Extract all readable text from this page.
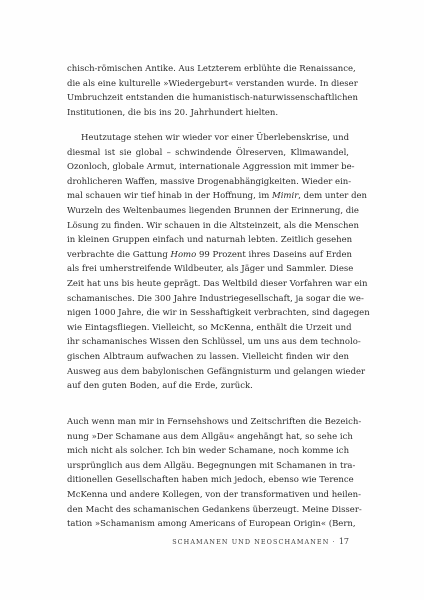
chisch-römischen Antike. Aus Letzterem erblühte die Renaissance,
die als eine kulturelle »Wiedergeburt« verstanden wurde. In dieser
Umbruchzeit entstanden die humanistisch-naturwissenschaftlichen
Institutionen, die bis ins 20. Jahrhundert hielten.
Heutzutage stehen wir wieder vor einer Überlebenskrise, und
diesmal ist sie global – schwindende Ölreserven, Klimawandel,
Ozonloch, globale Armut, internationale Aggression mit immer be-
drohlicheren Waffen, massive Drogenabhängigkeiten. Wieder ein-
mal schauen wir tief hinab in der Hoffnung, im Mimir, dem unter den
Wurzeln des Weltenbaumes liegenden Brunnen der Erinnerung, die
Lösung zu finden. Wir schauen in die Altsteinzeit, als die Menschen
in kleinen Gruppen einfach und naturnah lebten. Zeitlich gesehen
verbrachte die Gattung Homo 99 Prozent ihres Daseins auf Erden
als frei umherstreifende Wildbeuter, als Jäger und Sammler. Diese
Zeit hat uns bis heute geprägt. Das Weltbild dieser Vorfahren war ein
schamanisches. Die 300 Jahre Industriegesellschaft, ja sogar die we-
nigen 1000 Jahre, die wir in Sesshaftigkeit verbrachten, sind dagegen
wie Eintagsfliegen. Vielleicht, so McKenna, enthält die Urzeit und
ihr schamanisches Wissen den Schlüssel, um uns aus dem technolo-
gischen Albtraum aufwachen zu lassen. Vielleicht finden wir den
Ausweg aus dem babylonischen Gefängnisturm und gelangen wieder
auf den guten Boden, auf die Erde, zurück.
Auch wenn man mir in Fernsehshows und Zeitschriften die Bezeich-
nung »Der Schamane aus dem Allgäu« angehängt hat, so sehe ich
mich nicht als solcher. Ich bin weder Schamane, noch komme ich
ursprünglich aus dem Allgäu. Begegnungen mit Schamanen in tra-
ditionellen Gesellschaften haben mich jedoch, ebenso wie Terence
McKenna und andere Kollegen, von der transformativen und heilen-
den Macht des schamanischen Gedankens überzeugt. Meine Disser-
tation »Schamanism among Americans of European Origin« (Bern,
SCHAMANEN UND NEOSCHAMANEN · 17
